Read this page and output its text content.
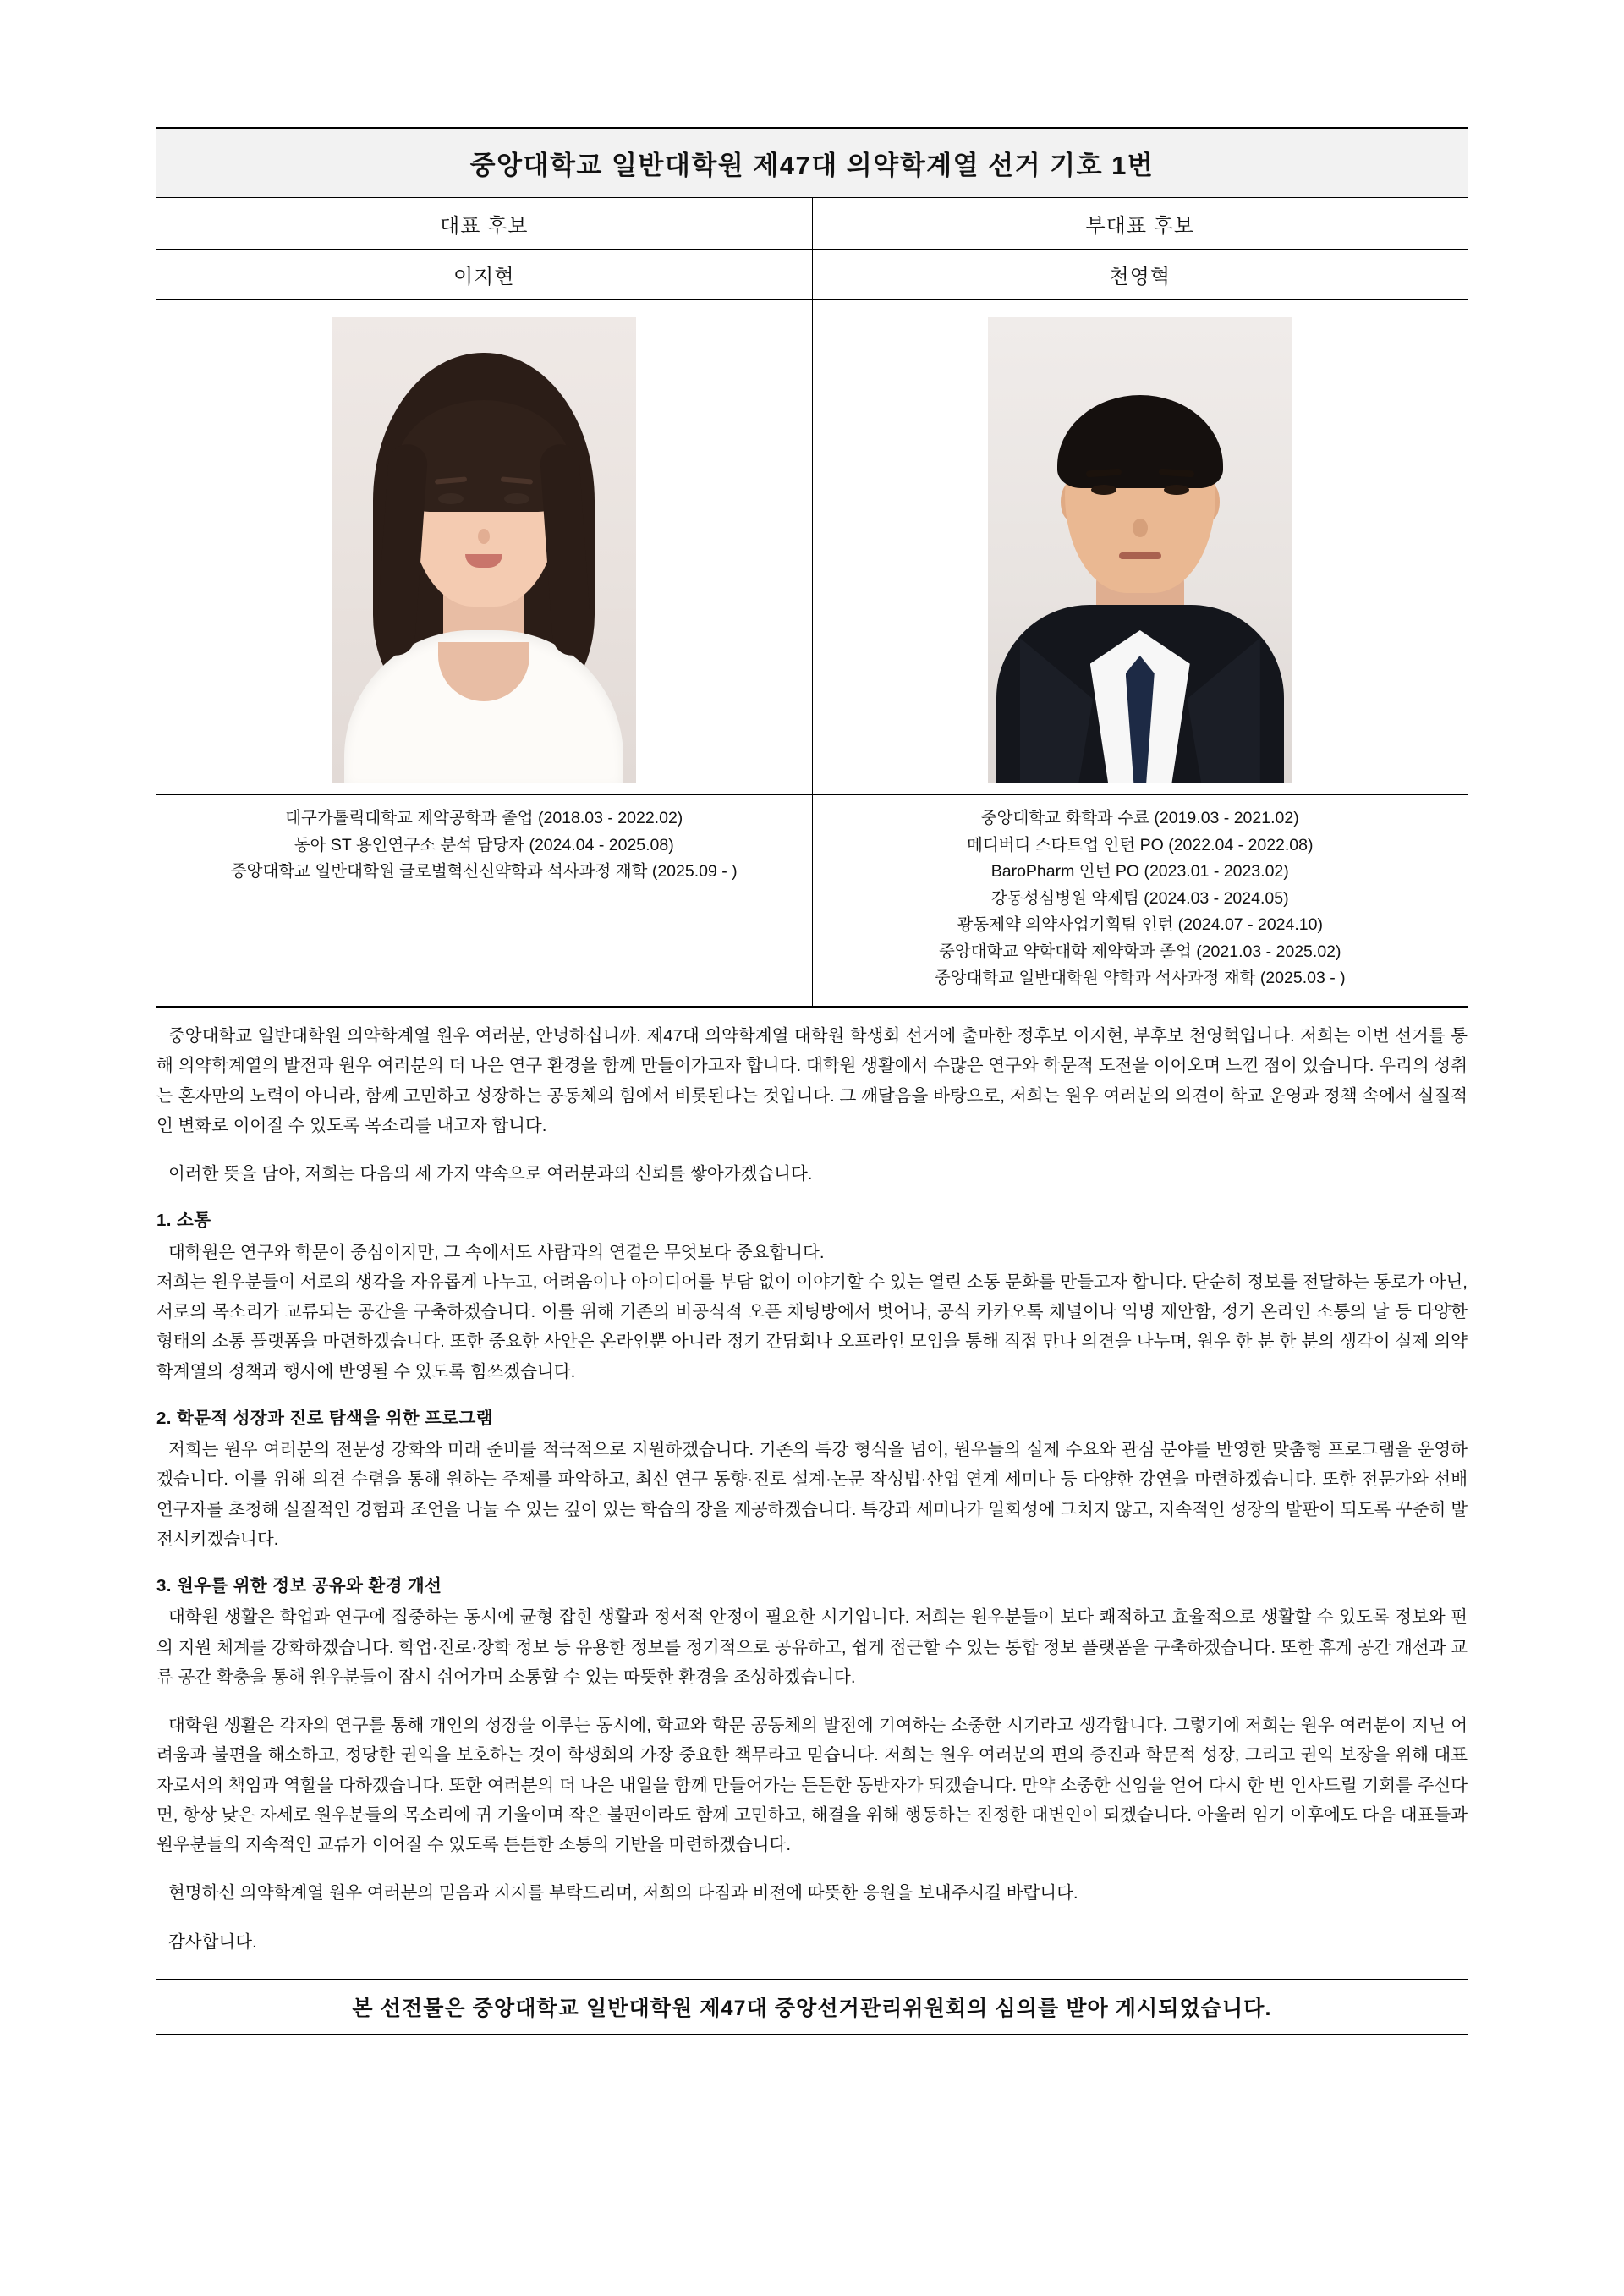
중앙대학교 일반대학원 제47대 의약학계열 선거 기호 1번	
대표 후보	부대표 후보
이지현	천영혁

대구가톨릭대학교 제약공학과 졸업 (2018.03 - 2022.02)
동아 ST 용인연구소 분석 담당자 (2024.04 - 2025.08)
중앙대학교 일반대학원 글로벌혁신신약학과 석사과정 재학 (2025.09 - )

중앙대학교 화학과 수료 (2019.03 - 2021.02)
메디버디 스타트업 인턴 PO (2022.04 - 2022.08)
BaroPharm 인턴 PO (2023.01 - 2023.02)
강동성심병원 약제팀 (2024.03 - 2024.05)
광동제약 의약사업기획팀 인턴 (2024.07 - 2024.10)
중앙대학교 약학대학 제약학과 졸업 (2021.03 - 2025.02)
중앙대학교 일반대학원 약학과 석사과정 재학 (2025.03 - )

중앙대학교 일반대학원 의약학계열 원우 여러분, 안녕하십니까. 제47대 의약학계열 대학원 학생회 선거에 출마한 정후보 이지현, 부후보 천영혁입니다. 저희는 이번 선거를 통해 의약학계열의 발전과 원우 여러분의 더 나은 연구 환경을 함께 만들어가고자 합니다. 대학원 생활에서 수많은 연구와 학문적 도전을 이어오며 느낀 점이 있습니다. 우리의 성취는 혼자만의 노력이 아니라, 함께 고민하고 성장하는 공동체의 힘에서 비롯된다는 것입니다. 그 깨달음을 바탕으로, 저희는 원우 여러분의 의견이 학교 운영과 정책 속에서 실질적인 변화로 이어질 수 있도록 목소리를 내고자 합니다.

이러한 뜻을 담아, 저희는 다음의 세 가지 약속으로 여러분과의 신뢰를 쌓아가겠습니다.

1. 소통

대학원은 연구와 학문이 중심이지만, 그 속에서도 사람과의 연결은 무엇보다 중요합니다.

저희는 원우분들이 서로의 생각을 자유롭게 나누고, 어려움이나 아이디어를 부담 없이 이야기할 수 있는 열린 소통 문화를 만들고자 합니다. 단순히 정보를 전달하는 통로가 아닌, 서로의 목소리가 교류되는 공간을 구축하겠습니다. 이를 위해 기존의 비공식적 오픈 채팅방에서 벗어나, 공식 카카오톡 채널이나 익명 제안함, 정기 온라인 소통의 날 등 다양한 형태의 소통 플랫폼을 마련하겠습니다. 또한 중요한 사안은 온라인뿐 아니라 정기 간담회나 오프라인 모임을 통해 직접 만나 의견을 나누며, 원우 한 분 한 분의 생각이 실제 의약학계열의 정책과 행사에 반영될 수 있도록 힘쓰겠습니다.

2. 학문적 성장과 진로 탐색을 위한 프로그램

저희는 원우 여러분의 전문성 강화와 미래 준비를 적극적으로 지원하겠습니다. 기존의 특강 형식을 넘어, 원우들의 실제 수요와 관심 분야를 반영한 맞춤형 프로그램을 운영하겠습니다. 이를 위해 의견 수렴을 통해 원하는 주제를 파악하고, 최신 연구 동향·진로 설계·논문 작성법·산업 연계 세미나 등 다양한 강연을 마련하겠습니다. 또한 전문가와 선배 연구자를 초청해 실질적인 경험과 조언을 나눌 수 있는 깊이 있는 학습의 장을 제공하겠습니다. 특강과 세미나가 일회성에 그치지 않고, 지속적인 성장의 발판이 되도록 꾸준히 발전시키겠습니다.

3. 원우를 위한 정보 공유와 환경 개선

대학원 생활은 학업과 연구에 집중하는 동시에 균형 잡힌 생활과 정서적 안정이 필요한 시기입니다. 저희는 원우분들이 보다 쾌적하고 효율적으로 생활할 수 있도록 정보와 편의 지원 체계를 강화하겠습니다. 학업·진로·장학 정보 등 유용한 정보를 정기적으로 공유하고, 쉽게 접근할 수 있는 통합 정보 플랫폼을 구축하겠습니다. 또한 휴게 공간 개선과 교류 공간 확충을 통해 원우분들이 잠시 쉬어가며 소통할 수 있는 따뜻한 환경을 조성하겠습니다.

대학원 생활은 각자의 연구를 통해 개인의 성장을 이루는 동시에, 학교와 학문 공동체의 발전에 기여하는 소중한 시기라고 생각합니다. 그렇기에 저희는 원우 여러분이 지닌 어려움과 불편을 해소하고, 정당한 권익을 보호하는 것이 학생회의 가장 중요한 책무라고 믿습니다. 저희는 원우 여러분의 편의 증진과 학문적 성장, 그리고 권익 보장을 위해 대표자로서의 책임과 역할을 다하겠습니다. 또한 여러분의 더 나은 내일을 함께 만들어가는 든든한 동반자가 되겠습니다. 만약 소중한 신임을 얻어 다시 한 번 인사드릴 기회를 주신다면, 항상 낮은 자세로 원우분들의 목소리에 귀 기울이며 작은 불편이라도 함께 고민하고, 해결을 위해 행동하는 진정한 대변인이 되겠습니다. 아울러 임기 이후에도 다음 대표들과 원우분들의 지속적인 교류가 이어질 수 있도록 튼튼한 소통의 기반을 마련하겠습니다.

현명하신 의약학계열 원우 여러분의 믿음과 지지를 부탁드리며, 저희의 다짐과 비전에 따뜻한 응원을 보내주시길 바랍니다.

감사합니다.

본 선전물은 중앙대학교 일반대학원 제47대 중앙선거관리위원회의 심의를 받아 게시되었습니다.
